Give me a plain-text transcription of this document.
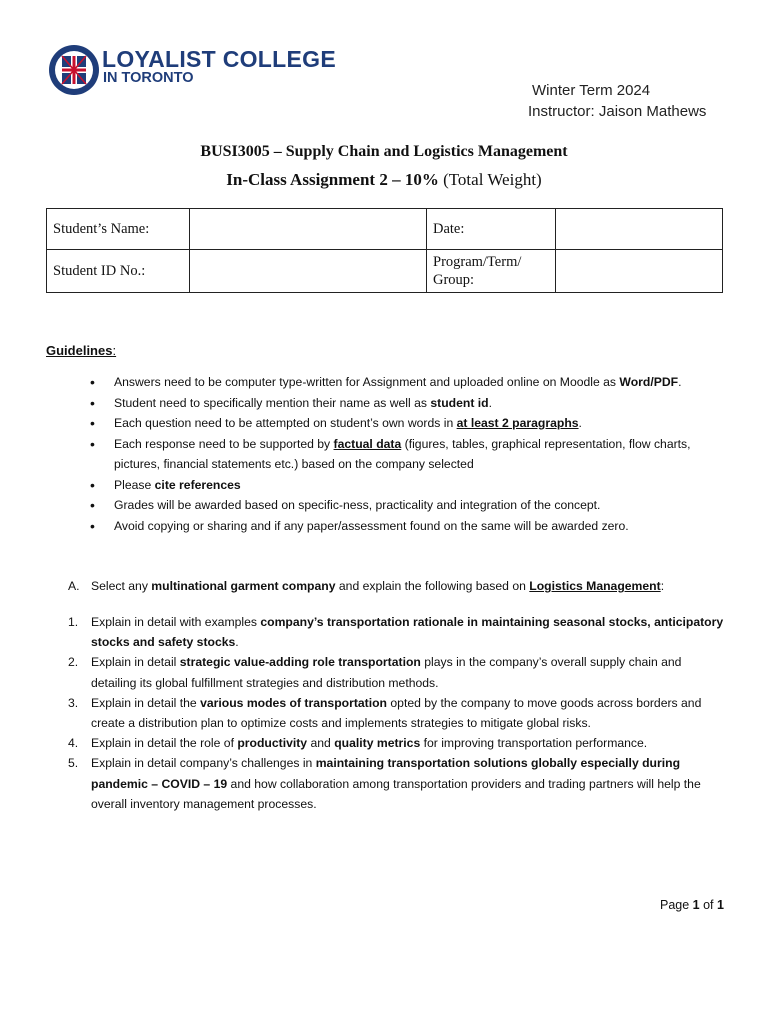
LOYALIST COLLEGE
IN TORONTO
Winter Term 2024
Instructor: Jaison Mathews
BUSI3005 – Supply Chain and Logistics Management
In-Class Assignment 2 – 10% (Total Weight)
Student’s Name:		Date:	
Student ID No.:		Program/Term/
Group:	

Guidelines:
• Answers need to be computer type-written for Assignment and uploaded online on Moodle as Word/PDF.
• Student need to specifically mention their name as well as student id.
• Each question need to be attempted on student’s own words in at least 2 paragraphs.
• Each response need to be supported by factual data (figures, tables, graphical representation, flow charts, pictures, financial statements etc.) based on the company selected
• Please cite references
• Grades will be awarded based on specific-ness, practicality and integration of the concept.
• Avoid copying or sharing and if any paper/assessment found on the same will be awarded zero.
A. Select any multinational garment company and explain the following based on Logistics Management:
1. Explain in detail with examples company’s transportation rationale in maintaining seasonal stocks, anticipatory stocks and safety stocks.
2. Explain in detail strategic value-adding role transportation plays in the company’s overall supply chain and detailing its global fulfillment strategies and distribution methods.
3. Explain in detail the various modes of transportation opted by the company to move goods across borders and create a distribution plan to optimize costs and implements strategies to mitigate global risks.
4. Explain in detail the role of productivity and quality metrics for improving transportation performance.
5. Explain in detail company’s challenges in maintaining transportation solutions globally especially during pandemic – COVID – 19 and how collaboration among transportation providers and trading partners will help the overall inventory management processes.
Page 1 of 1
